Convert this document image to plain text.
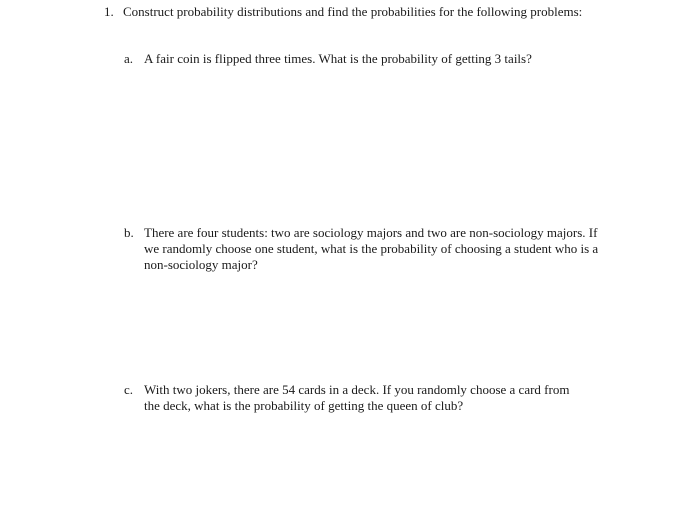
1. Construct probability distributions and find the probabilities for the following problems:
a. A fair coin is flipped three times. What is the probability of getting 3 tails?
b. There are four students: two are sociology majors and two are non-sociology majors. If we randomly choose one student, what is the probability of choosing a student who is a non-sociology major?
c. With two jokers, there are 54 cards in a deck. If you randomly choose a card from the deck, what is the probability of getting the queen of club?
